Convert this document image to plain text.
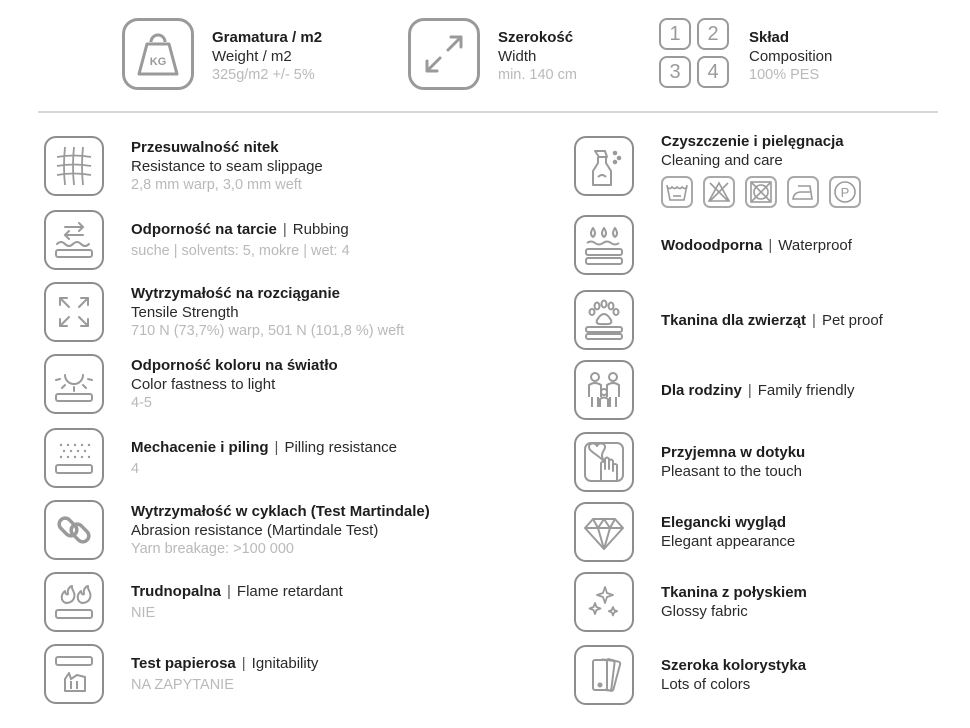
KG
Gramatura / m2
Weight / m2
325g/m2 +/- 5%
Szerokość
Width
min. 140 cm
1	2
3	4
Skład
Composition
100% PES
Przesuwalność nitek
Resistance to seam slippage
2,8 mm warp, 3,0 mm weft
Odporność na tarcie | Rubbing
suche | solvents: 5, mokre | wet: 4
Wytrzymałość na rozciąganie
Tensile Strength
710 N (73,7%) warp, 501 N (101,8 %) weft
Odporność koloru na światło
Color fastness to light
4-5
Mechacenie i piling | Pilling resistance
4
Wytrzymałość w cyklach (Test Martindale)
Abrasion resistance (Martindale Test)
Yarn breakage: >100 000
Trudnopalna | Flame retardant
NIE
Test papierosa | Ignitability
NA ZAPYTANIE
Czyszczenie i pielęgnacja
Cleaning and care
P
Wodoodporna | Waterproof
Tkanina dla zwierząt | Pet proof
Dla rodziny | Family friendly
Przyjemna w dotyku
Pleasant to the touch
Elegancki wygląd
Elegant appearance
Tkanina z połyskiem
Glossy fabric
Szeroka kolorystyka
Lots of colors
